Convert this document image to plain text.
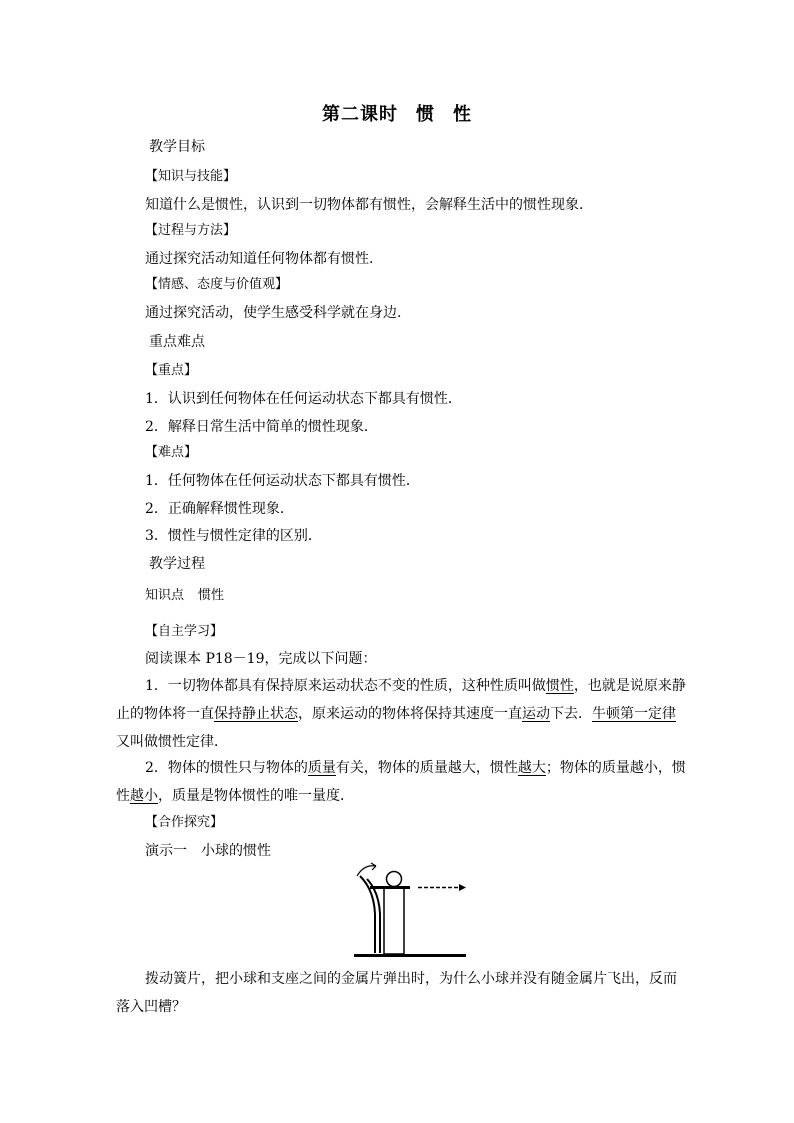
第二课时 惯 性
教学目标
【知识与技能】
知道什么是惯性，认识到一切物体都有惯性，会解释生活中的惯性现象．
【过程与方法】
通过探究活动知道任何物体都有惯性．
【情感、态度与价值观】
通过探究活动，使学生感受科学就在身边.
重点难点
【重点】
1．认识到任何物体在任何运动状态下都具有惯性．
2．解释日常生活中简单的惯性现象．
【难点】
1．任何物体在任何运动状态下都具有惯性．
2．正确解释惯性现象．
3．惯性与惯性定律的区别．
教学过程
知识点 惯性
【自主学习】
阅读课本 P18－19，完成以下问题：
1．一切物体都具有保持原来运动状态不变的性质，这种性质叫做惯性，也就是说原来静
止的物体将一直保持静止状态，原来运动的物体将保持其速度一直运动下去．牛顿第一定律
又叫做惯性定律．
2．物体的惯性只与物体的质量有关，物体的质量越大，惯性越大；物体的质量越小，惯
性越小，质量是物体惯性的唯一量度．
【合作探究】
演示一 小球的惯性
拨动簧片，把小球和支座之间的金属片弹出时，为什么小球并没有随金属片飞出，反而
落入凹槽？
